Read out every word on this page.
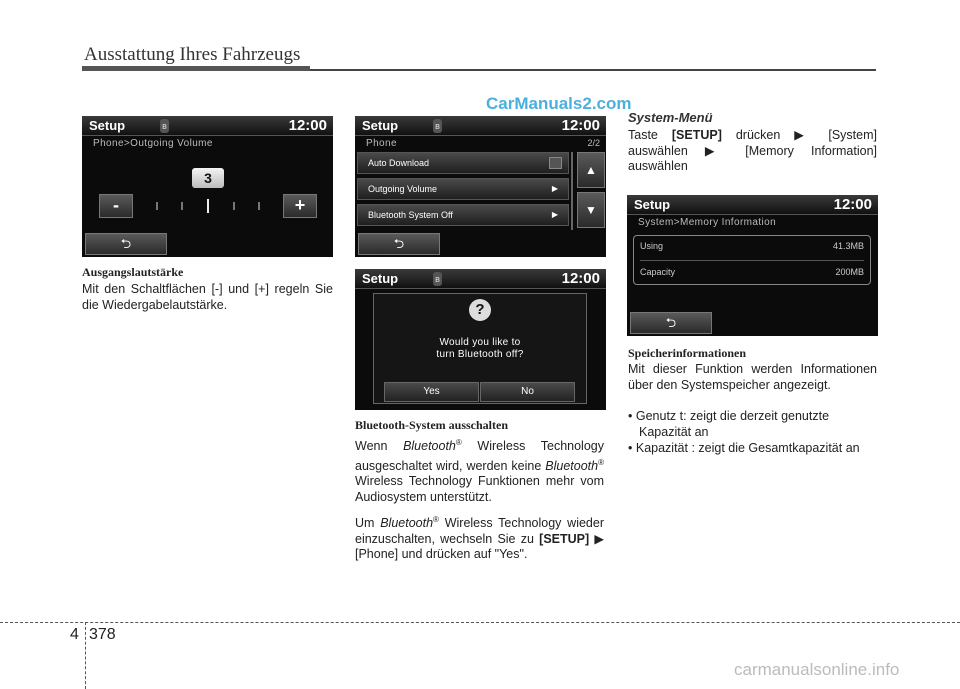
Ausstattung Ihres Fahrzeugs
CarManuals2.com
Setup	ʙ	12:00
Phone>Outgoing Volume
3
-	+
⮌
Setup	ʙ	12:00
Phone	2/2
Auto Download
Outgoing Volume	▶
Bluetooth System Off	▶
▲
▼
⮌
Setup	ʙ	12:00
?
Would you like to
turn Bluetooth off?
Yes	No
Setup	12:00
System>Memory Information
Using	41.3MB
Capacity	200MB
⮌
Ausgangslautstärke
Mit den Schaltflächen [-] und [+] regeln Sie die Wiedergabelautstärke.
Bluetooth-System ausschalten
Wenn Bluetooth® Wireless Technology ausgeschaltet wird, werden keine Bluetooth® Wireless Technology Funktionen mehr vom Audiosystem unterstützt.
Um Bluetooth® Wireless Technology wieder einzuschalten, wechseln Sie zu [SETUP] ▶ [Phone] und drücken auf "Yes".
System-Menü
Taste [SETUP] drücken ▶ [System] auswählen ▶ [Memory Information] auswählen
Speicherinformationen
Mit dieser Funktion werden Informationen über den Systemspeicher angezeigt.
• Genutz t: zeigt die derzeit genutzte Kapazität an
• Kapazität : zeigt die Gesamtkapazität an
4 378
carmanualsonline.info
